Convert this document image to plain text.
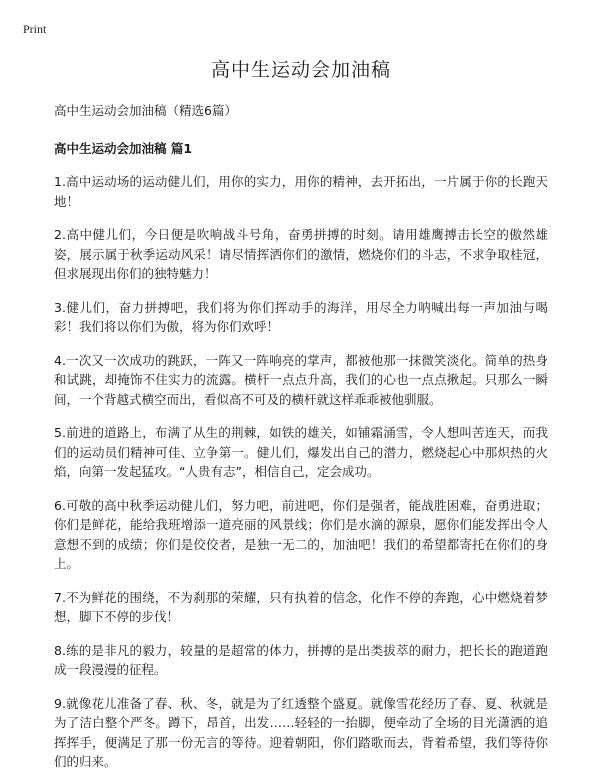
Print
高中生运动会加油稿

高中生运动会加油稿（精选6篇）

高中生运动会加油稿 篇1

1.高中运动场的运动健儿们，用你的实力，用你的精神，去开拓出，一片属于你的长跑天地！

2.高中健儿们，今日便是吹响战斗号角，奋勇拼搏的时刻。请用雄鹰搏击长空的傲然雄姿，展示属于秋季运动风采！请尽情挥洒你们的激情，燃烧你们的斗志，不求争取桂冠，但求展现出你们的独特魅力！

3.健儿们，奋力拼搏吧，我们将为你们挥动手的海洋，用尽全力呐喊出每一声加油与喝彩！我们将以你们为傲，将为你们欢呼！

4.一次又一次成功的跳跃，一阵又一阵响亮的掌声，都被他那一抹微笑淡化。简单的热身和试跳，却掩饰不住实力的流露。横杆一点点升高，我们的心也一点点揪起。只那么一瞬间，一个背越式横空而出，看似高不可及的横杆就这样乖乖被他驯服。

5.前进的道路上，布满了从生的荆棘，如铁的雄关，如铺霜涌雪，令人想叫苦连天，而我们的运动员们精神可佳、立争第一。健儿们，爆发出自己的潜力，燃烧起心中那炽热的火焰，向第一发起猛攻。“人贵有志”，相信自己，定会成功。

6.可敬的高中秋季运动健儿们，努力吧，前进吧，你们是强者，能战胜困难，奋勇进取；你们是鲜花，能给我班增添一道亮丽的风景线；你们是水滴的源泉，愿你们能发挥出令人意想不到的成绩；你们是佼佼者，是独一无二的，加油吧！我们的希望都寄托在你们的身上。

7.不为鲜花的围绕，不为刹那的荣耀，只有执着的信念，化作不停的奔跑，心中燃烧着梦想，脚下不停的步伐！

8.练的是非凡的毅力，较量的是超常的体力，拼搏的是出类拔萃的耐力，把长长的跑道跑成一段漫漫的征程。

9.就像花儿准备了春、秋、冬，就是为了红透整个盛夏。就像雪花经历了春、夏、秋就是为了洁白整个严冬。蹲下，昂首，出发……轻轻的一抬脚，便牵动了全场的目光潇洒的追挥挥手，便满足了那一份无言的等待。迎着朝阳，你们踏歌而去，背着希望，我们等待你们的归来。
